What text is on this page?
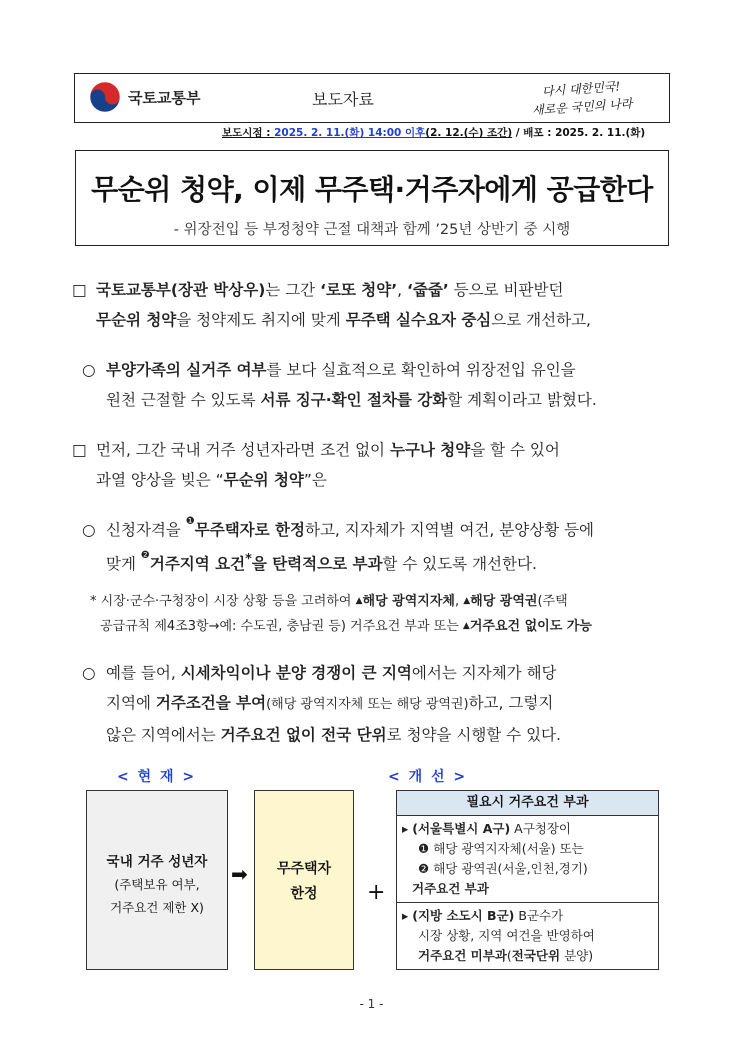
국토교통부	보도자료
다시 대한민국!
새로운 국민의 나라
보도시점 : 2025. 2. 11.(화) 14:00 이후(2. 12.(수) 조간) / 배포 : 2025. 2. 11.(화)
무순위 청약, 이제 무주택·거주자에게 공급한다
- 위장전입 등 부정청약 근절 대책과 함께 ’25년 상반기 중 시행
□ 국토교통부(장관 박상우)는 그간 ‘로또 청약’, ‘줍줍’ 등으로 비판받던
무순위 청약을 청약제도 취지에 맞게 무주택 실수요자 중심으로 개선하고,
○ 부양가족의 실거주 여부를 보다 실효적으로 확인하여 위장전입 유인을
원천 근절할 수 있도록 서류 징구·확인 절차를 강화할 계획이라고 밝혔다.
□ 먼저, 그간 국내 거주 성년자라면 조건 없이 누구나 청약을 할 수 있어
과열 양상을 빚은 “무순위 청약”은
○ 신청자격을 $^❶$무주택자로 한정하고, 지자체가 지역별 여건, 분양상황 등에
맞게 $^❷$거주지역 요건*을 탄력적으로 부과할 수 있도록 개선한다.
* 시장·군수·구청장이 시장 상황 등을 고려하여 ▲해당 광역지자체, ▲해당 광역권(주택
공급규칙 제4조3항→예: 수도권, 충남권 등) 거주요건 부과 또는 ▲거주요건 없이도 가능
○ 예를 들어, 시세차익이나 분양 경쟁이 큰 지역에서는 지자체가 해당
지역에 거주조건을 부여(해당 광역지자체 또는 해당 광역권)하고, 그렇지
않은 지역에서는 거주요건 없이 전국 단위로 청약을 시행할 수 있다.
< 현 재 >	< 개 선 >
국내 거주 성년자
(주택보유 여부,
거주요건 제한 X)
➡	무주택자
한정	+
필요시 거주요건 부과
▸ (서울특별시 A구) A구청장이
❶ 해당 광역지자체(서울) 또는
❷ 해당 광역권(서울,인천,경기)
거주요건 부과
▸ (지방 소도시 B군) B군수가
시장 상황, 지역 여건을 반영하여
거주요건 미부과(전국단위 분양)
- 1 -
